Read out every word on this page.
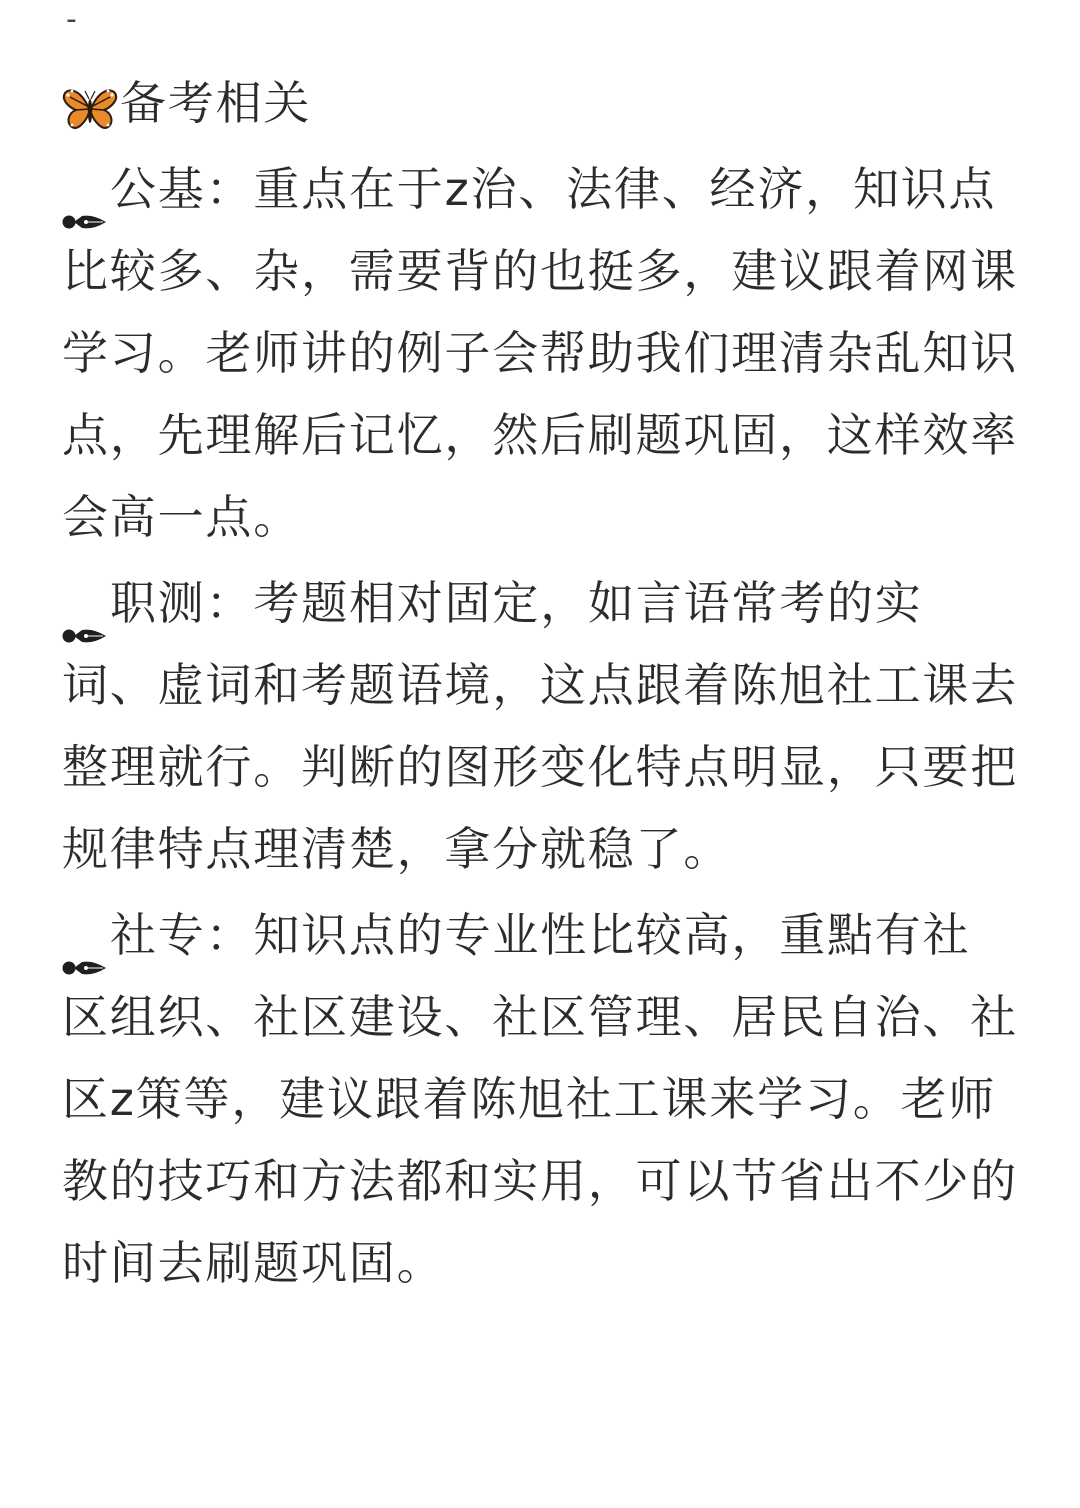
-
备考相关
公基：重点在于z治、法律、经济，知识点
比较多、杂，需要背的也挺多，建议跟着网课
学习。老师讲的例子会帮助我们理清杂乱知识
点，先理解后记忆，然后刷题巩固，这样效率
会高一点。
职测：考题相对固定，如言语常考的实
词、虚词和考题语境，这点跟着陈旭社工课去
整理就行。判断的图形变化特点明显，只要把
规律特点理清楚，拿分就稳了。
社专：知识点的专业性比较高，重點有社
区组织、社区建设、社区管理、居民自治、社
区z策等，建议跟着陈旭社工课来学习。老师
教的技巧和方法都和实用，可以节省出不少的
时间去刷题巩固。
